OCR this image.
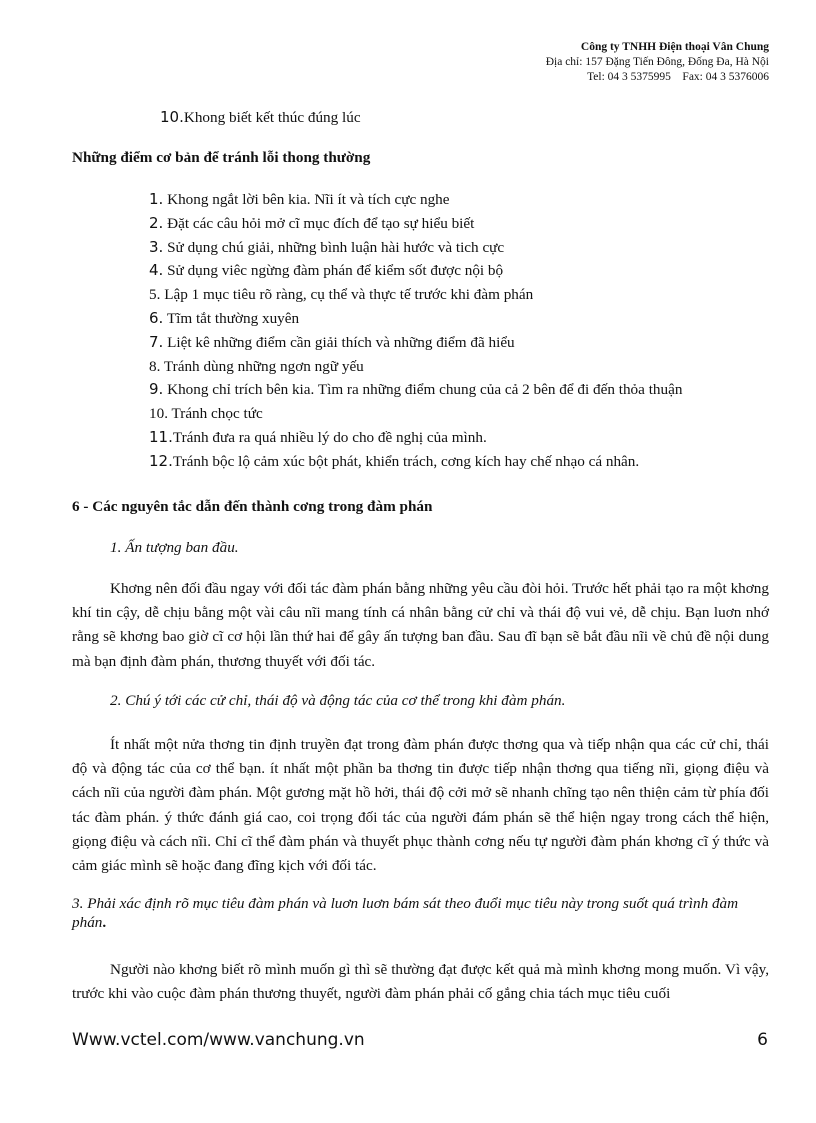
Công ty TNHH Điện thoại Vân Chung
Địa chỉ: 157 Đặng Tiến Đông, Đống Đa, Hà Nội
Tel: 04 3 5375995    Fax: 04 3 5376006
10.Khong biết kết thúc đúng lúc
Những điểm cơ bản để tránh lỗi thong thường
1. Khong ngắt lời bên kia. Nĩi ít và tích cực nghe
2. Đặt các câu hỏi mở cĩ mục đích để tạo sự hiểu biết
3. Sử dụng chú giải, những bình luận hài hước và tich cực
4. Sử dụng viêc ngừng đàm phán để kiểm sốt được nội bộ
5. Lập 1 mục tiêu rõ ràng, cụ thể và thực tế trước khi đàm phán
6. Tĩm tắt thường xuyên
7. Liệt kê những điểm cần giải thích và những điểm đã hiểu
8. Tránh dùng những ngơn ngữ yếu
9. Khong chỉ trích bên kia. Tìm ra những điểm chung của cả 2 bên để đi đến thỏa thuận
10. Tránh chọc tức
11.Tránh đưa ra quá nhiều lý do cho đề nghị của mình.
12.Tránh bộc lộ cảm xúc bột phát, khiển trách, cơng kích hay chế nhạo cá nhân.
6 - Các nguyên tắc dẫn đến thành cơng trong đàm phán
1. Ấn tượng ban đầu.

Khơng nên đối đầu ngay với đối tác đàm phán bằng những yêu cầu đòi hỏi. Trước hết phải tạo ra một khơng khí tin cậy, dễ chịu bằng một vài câu nĩi mang tính cá nhân bằng cử chỉ và thái độ vui vẻ, dễ chịu. Bạn luơn nhớ rằng sẽ khơng bao giờ cĩ cơ hội lần thứ hai để gây ấn tượng ban đầu. Sau đĩ bạn sẽ bắt đầu nĩi về chủ đề nội dung mà bạn định đàm phán, thương thuyết với đối tác.

2. Chú ý tới các cử chỉ, thái độ và động tác của cơ thể trong khi đàm phán.

Ít nhất một nửa thơng tin định truyền đạt trong đàm phán được thơng qua và tiếp nhận qua các cử chỉ, thái độ và động tác của cơ thể bạn. ít nhất một phần ba thơng tin được tiếp nhận thơng qua tiếng nĩi, giọng điệu và cách nĩi của người đàm phán. Một gương mặt hồ hởi, thái độ cởi mở sẽ nhanh chĩng tạo nên thiện cảm từ phía đối tác đàm phán. ý thức đánh giá cao, coi trọng đối tác của người đám phán sẽ thể hiện ngay trong cách thể hiện, giọng điệu và cách nĩi. Chỉ cĩ thể đàm phán và thuyết phục thành cơng nếu tự người đàm phán khơng cĩ ý thức và cảm giác mình sẽ hoặc đang đĩng kịch với đối tác.

3. Phải xác định rõ mục tiêu đàm phán và luơn luơn bám sát theo đuổi mục tiêu này trong suốt quá trình đàm phán.

Người nào khơng biết rõ mình muốn gì thì sẽ thường đạt được kết quả mà mình khơng mong muốn. Vì vậy, trước khi vào cuộc đàm phán thương thuyết, người đàm phán phải cố gắng chia tách mục tiêu cuối

Www.vctel.com/www.vanchung.vn	6
